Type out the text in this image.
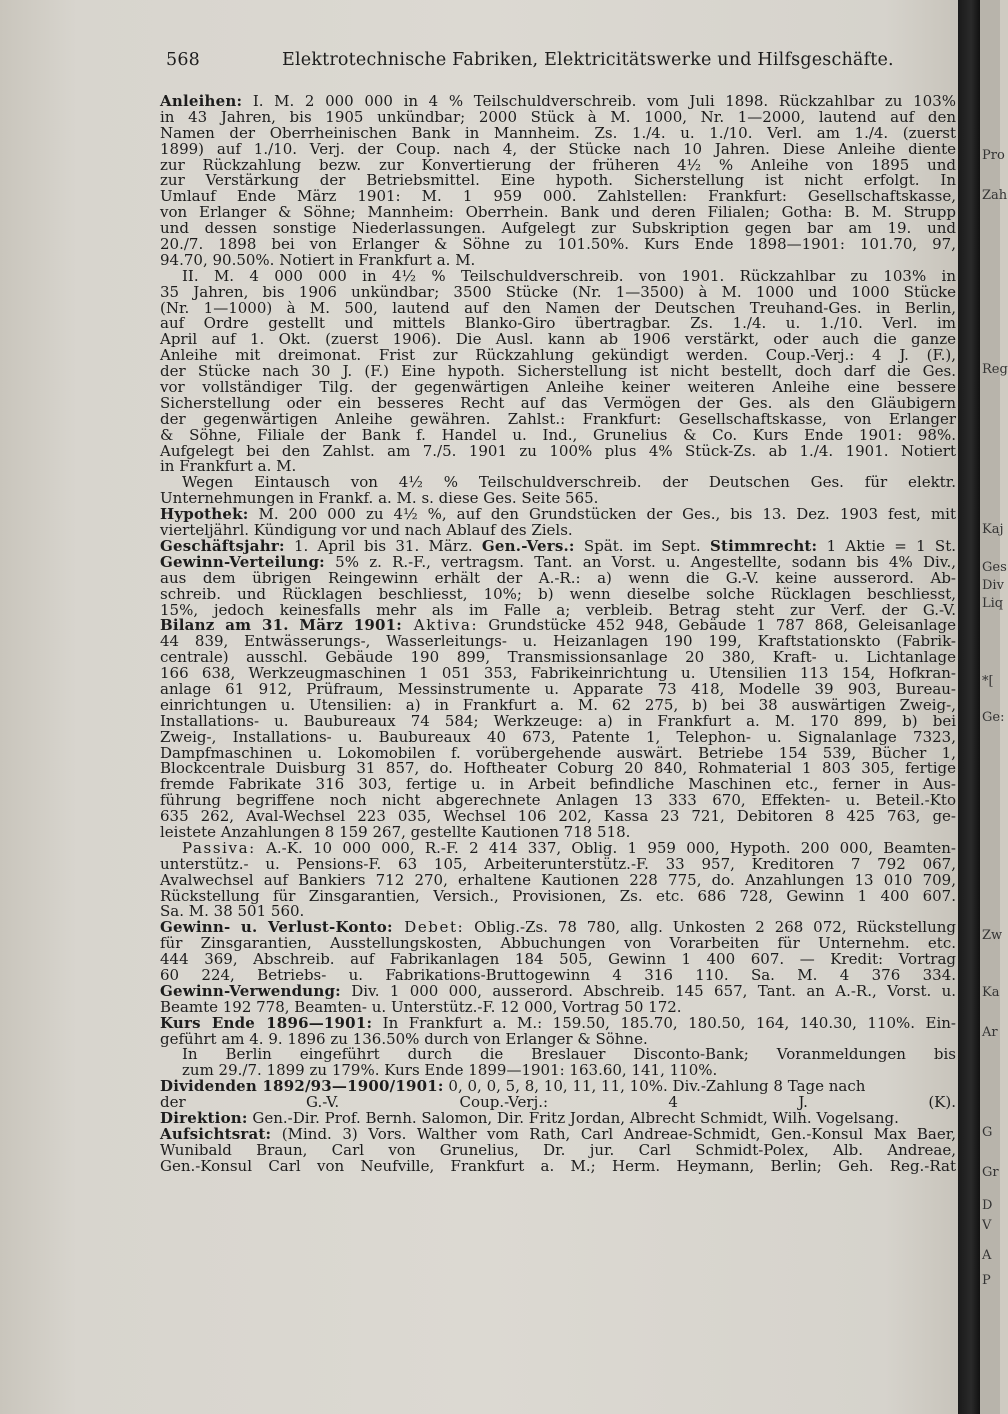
568	Elektrotechnische Fabriken, Elektricitätswerke und Hilfsgeschäfte.
Anleihen: I. M. 2 000 000 in 4 % Teilschuldverschreib. vom Juli 1898. Rückzahlbar zu 103%
in 43 Jahren, bis 1905 unkündbar; 2000 Stück à M. 1000, Nr. 1—2000, lautend auf den
Namen der Oberrheinischen Bank in Mannheim. Zs. 1./4. u. 1./10. Verl. am 1./4. (zuerst
1899) auf 1./10. Verj. der Coup. nach 4, der Stücke nach 10 Jahren. Diese Anleihe diente
zur Rückzahlung bezw. zur Konvertierung der früheren 4½ % Anleihe von 1895 und
zur Verstärkung der Betriebsmittel. Eine hypoth. Sicherstellung ist nicht erfolgt. In
Umlauf Ende März 1901: M. 1 959 000. Zahlstellen: Frankfurt: Gesellschaftskasse,
von Erlanger & Söhne; Mannheim: Oberrhein. Bank und deren Filialen; Gotha: B. M. Strupp
und dessen sonstige Niederlassungen. Aufgelegt zur Subskription gegen bar am 19. und
20./7. 1898 bei von Erlanger & Söhne zu 101.50%. Kurs Ende 1898—1901: 101.70, 97,
94.70, 90.50%. Notiert in Frankfurt a. M.
II. M. 4 000 000 in 4½ % Teilschuldverschreib. von 1901. Rückzahlbar zu 103% in
35 Jahren, bis 1906 unkündbar; 3500 Stücke (Nr. 1—3500) à M. 1000 und 1000 Stücke
(Nr. 1—1000) à M. 500, lautend auf den Namen der Deutschen Treuhand-Ges. in Berlin,
auf Ordre gestellt und mittels Blanko-Giro übertragbar. Zs. 1./4. u. 1./10. Verl. im
April auf 1. Okt. (zuerst 1906). Die Ausl. kann ab 1906 verstärkt, oder auch die ganze
Anleihe mit dreimonat. Frist zur Rückzahlung gekündigt werden. Coup.-Verj.: 4 J. (F.),
der Stücke nach 30 J. (F.) Eine hypoth. Sicherstellung ist nicht bestellt, doch darf die Ges.
vor vollständiger Tilg. der gegenwärtigen Anleihe keiner weiteren Anleihe eine bessere
Sicherstellung oder ein besseres Recht auf das Vermögen der Ges. als den Gläubigern
der gegenwärtigen Anleihe gewähren. Zahlst.: Frankfurt: Gesellschaftskasse, von Erlanger
& Söhne, Filiale der Bank f. Handel u. Ind., Grunelius & Co. Kurs Ende 1901: 98%.
Aufgelegt bei den Zahlst. am 7./5. 1901 zu 100% plus 4% Stück-Zs. ab 1./4. 1901. Notiert
in Frankfurt a. M.
Wegen Eintausch von 4½ % Teilschuldverschreib. der Deutschen Ges. für elektr.
Unternehmungen in Frankf. a. M. s. diese Ges. Seite 565.
Hypothek: M. 200 000 zu 4½ %, auf den Grundstücken der Ges., bis 13. Dez. 1903 fest, mit
vierteljährl. Kündigung vor und nach Ablauf des Ziels.
Geschäftsjahr: 1. April bis 31. März. Gen.-Vers.: Spät. im Sept. Stimmrecht: 1 Aktie = 1 St.
Gewinn-Verteilung: 5% z. R.-F., vertragsm. Tant. an Vorst. u. Angestellte, sodann bis 4% Div.,
aus dem übrigen Reingewinn erhält der A.-R.: a) wenn die G.-V. keine ausserord. Ab-
schreib. und Rücklagen beschliesst, 10%; b) wenn dieselbe solche Rücklagen beschliesst,
15%, jedoch keinesfalls mehr als im Falle a; verbleib. Betrag steht zur Verf. der G.-V.
Bilanz am 31. März 1901: Aktiva: Grundstücke 452 948, Gebäude 1 787 868, Geleisanlage
44 839, Entwässerungs-, Wasserleitungs- u. Heizanlagen 190 199, Kraftstationskto (Fabrik-
centrale) ausschl. Gebäude 190 899, Transmissionsanlage 20 380, Kraft- u. Lichtanlage
166 638, Werkzeugmaschinen 1 051 353, Fabrikeinrichtung u. Utensilien 113 154, Hofkran-
anlage 61 912, Prüfraum, Messinstrumente u. Apparate 73 418, Modelle 39 903, Bureau-
einrichtungen u. Utensilien: a) in Frankfurt a. M. 62 275, b) bei 38 auswärtigen Zweig-,
Installations- u. Baubureaux 74 584; Werkzeuge: a) in Frankfurt a. M. 170 899, b) bei
Zweig-, Installations- u. Baubureaux 40 673, Patente 1, Telephon- u. Signalanlage 7323,
Dampfmaschinen u. Lokomobilen f. vorübergehende auswärt. Betriebe 154 539, Bücher 1,
Blockcentrale Duisburg 31 857, do. Hoftheater Coburg 20 840, Rohmaterial 1 803 305, fertige
fremde Fabrikate 316 303, fertige u. in Arbeit befindliche Maschinen etc., ferner in Aus-
führung begriffene noch nicht abgerechnete Anlagen 13 333 670, Effekten- u. Beteil.-Kto
635 262, Aval-Wechsel 223 035, Wechsel 106 202, Kassa 23 721, Debitoren 8 425 763, ge-
leistete Anzahlungen 8 159 267, gestellte Kautionen 718 518.
Passiva: A.-K. 10 000 000, R.-F. 2 414 337, Oblig. 1 959 000, Hypoth. 200 000, Beamten-
unterstütz.- u. Pensions-F. 63 105, Arbeiterunterstütz.-F. 33 957, Kreditoren 7 792 067,
Avalwechsel auf Bankiers 712 270, erhaltene Kautionen 228 775, do. Anzahlungen 13 010 709,
Rückstellung für Zinsgarantien, Versich., Provisionen, Zs. etc. 686 728, Gewinn 1 400 607.
Sa. M. 38 501 560.
Gewinn- u. Verlust-Konto: Debet: Oblig.-Zs. 78 780, allg. Unkosten 2 268 072, Rückstellung
für Zinsgarantien, Ausstellungskosten, Abbuchungen von Vorarbeiten für Unternehm. etc.
444 369, Abschreib. auf Fabrikanlagen 184 505, Gewinn 1 400 607. — Kredit: Vortrag
60 224, Betriebs- u. Fabrikations-Bruttogewinn 4 316 110. Sa. M. 4 376 334.
Gewinn-Verwendung: Div. 1 000 000, ausserord. Abschreib. 145 657, Tant. an A.-R., Vorst. u.
Beamte 192 778, Beamten- u. Unterstütz.-F. 12 000, Vortrag 50 172.
Kurs Ende 1896—1901: In Frankfurt a. M.: 159.50, 185.70, 180.50, 164, 140.30, 110%. Ein-
geführt am 4. 9. 1896 zu 136.50% durch von Erlanger & Söhne.
In Berlin eingeführt durch die Breslauer Disconto-Bank; Voranmeldungen bis
zum 29./7. 1899 zu 179%. Kurs Ende 1899—1901: 163.60, 141, 110%.
Dividenden 1892/93—1900/1901: 0, 0, 0, 5, 8, 10, 11, 11, 10%. Div.-Zahlung 8 Tage nach
der G.-V. Coup.-Verj.: 4 J. (K).
Direktion: Gen.-Dir. Prof. Bernh. Salomon, Dir. Fritz Jordan, Albrecht Schmidt, Wilh. Vogelsang.
Aufsichtsrat: (Mind. 3) Vors. Walther vom Rath, Carl Andreae-Schmidt, Gen.-Konsul Max Baer,
Wunibald Braun, Carl von Grunelius, Dr. jur. Carl Schmidt-Polex, Alb. Andreae,
Gen.-Konsul Carl von Neufville, Frankfurt a. M.; Herm. Heymann, Berlin; Geh. Reg.-Rat
Pro
Zah
Reg
Kaj
Ges
Div
Liq
*[
Ge:
Zw
Ka
Ar
G
Gr
D
V
A
P
